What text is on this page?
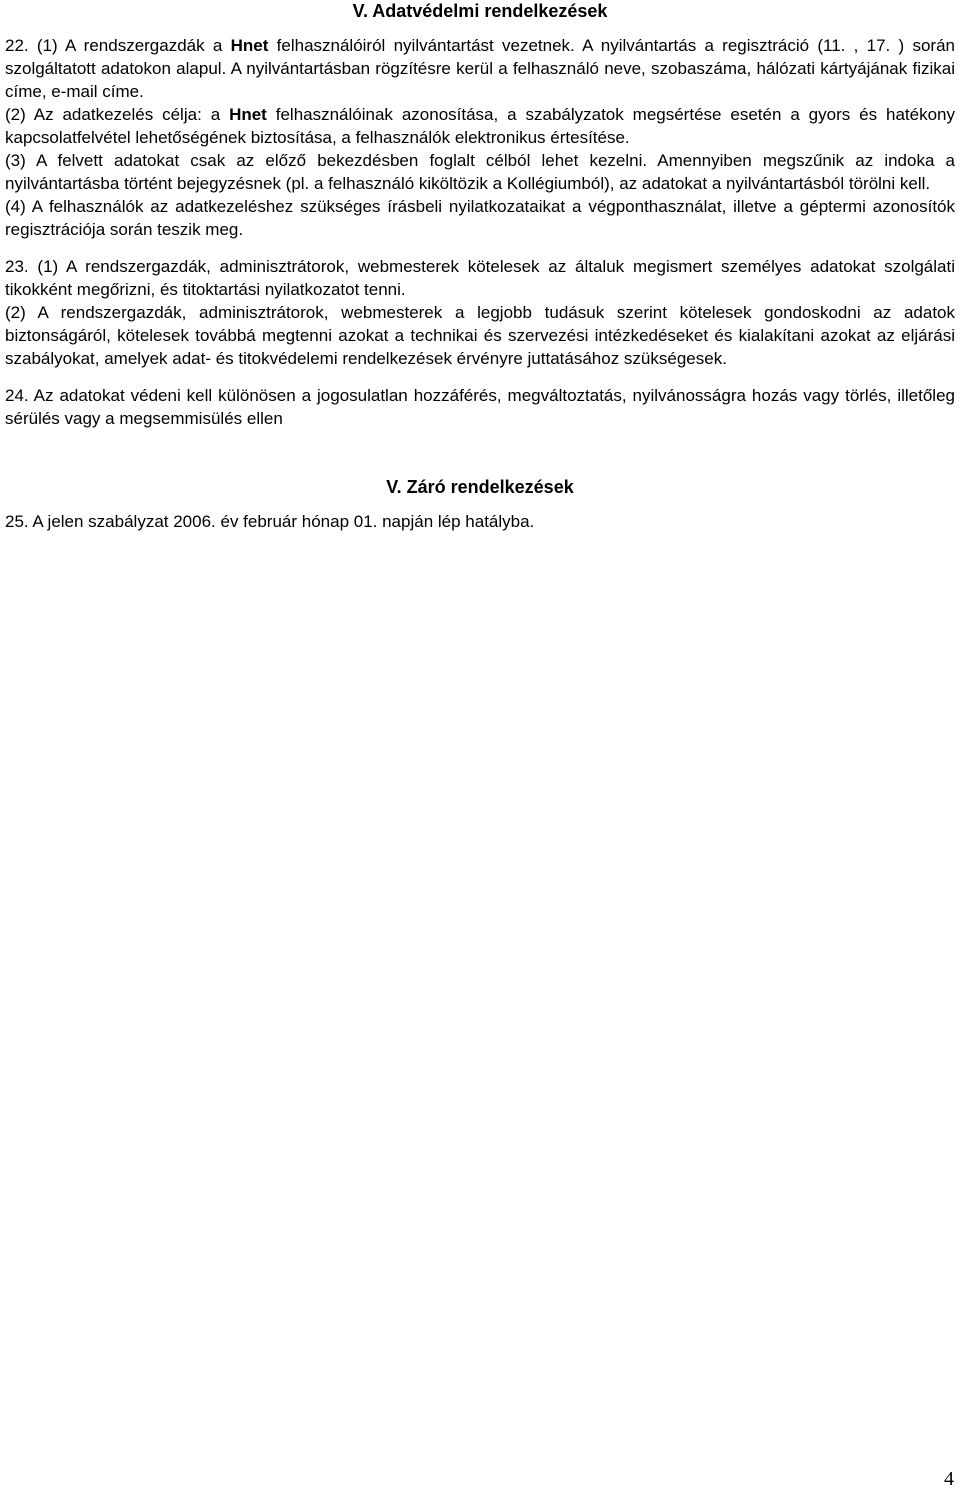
V. Adatvédelmi rendelkezések

22. (1) A rendszergazdák a Hnet felhasználóiról nyilvántartást vezetnek. A nyilvántartás a regisztráció (11. , 17. ) során szolgáltatott adatokon alapul. A nyilvántartásban rögzítésre kerül a felhasználó neve, szobaszáma, hálózati kártyájának fizikai címe, e-mail címe.

(2) Az adatkezelés célja: a Hnet felhasználóinak azonosítása, a szabályzatok megsértése esetén a gyors és hatékony kapcsolatfelvétel lehetőségének biztosítása, a felhasználók elektronikus értesítése.

(3) A felvett adatokat csak az előző bekezdésben foglalt célból lehet kezelni. Amennyiben megszűnik az indoka a nyilvántartásba történt bejegyzésnek (pl. a felhasználó kiköltözik a Kollégiumból), az adatokat a nyilvántartásból törölni kell.

(4) A felhasználók az adatkezeléshez szükséges írásbeli nyilatkozataikat a végponthasználat, illetve a géptermi azonosítók regisztrációja során teszik meg.

23. (1) A rendszergazdák, adminisztrátorok, webmesterek kötelesek az általuk megismert személyes adatokat szolgálati tikokként megőrizni, és titoktartási nyilatkozatot tenni.

(2) A rendszergazdák, adminisztrátorok, webmesterek a legjobb tudásuk szerint kötelesek gondoskodni az adatok biztonságáról, kötelesek továbbá megtenni azokat a technikai és szervezési intézkedéseket és kialakítani azokat az eljárási szabályokat, amelyek adat- és titokvédelemi rendelkezések érvényre juttatásához szükségesek.

24. Az adatokat védeni kell különösen a jogosulatlan hozzáférés, megváltoztatás, nyilvánosságra hozás vagy törlés, illetőleg sérülés vagy a megsemmisülés ellen

V. Záró rendelkezések

25. A jelen szabályzat 2006. év február hónap 01. napján lép hatályba.

4
